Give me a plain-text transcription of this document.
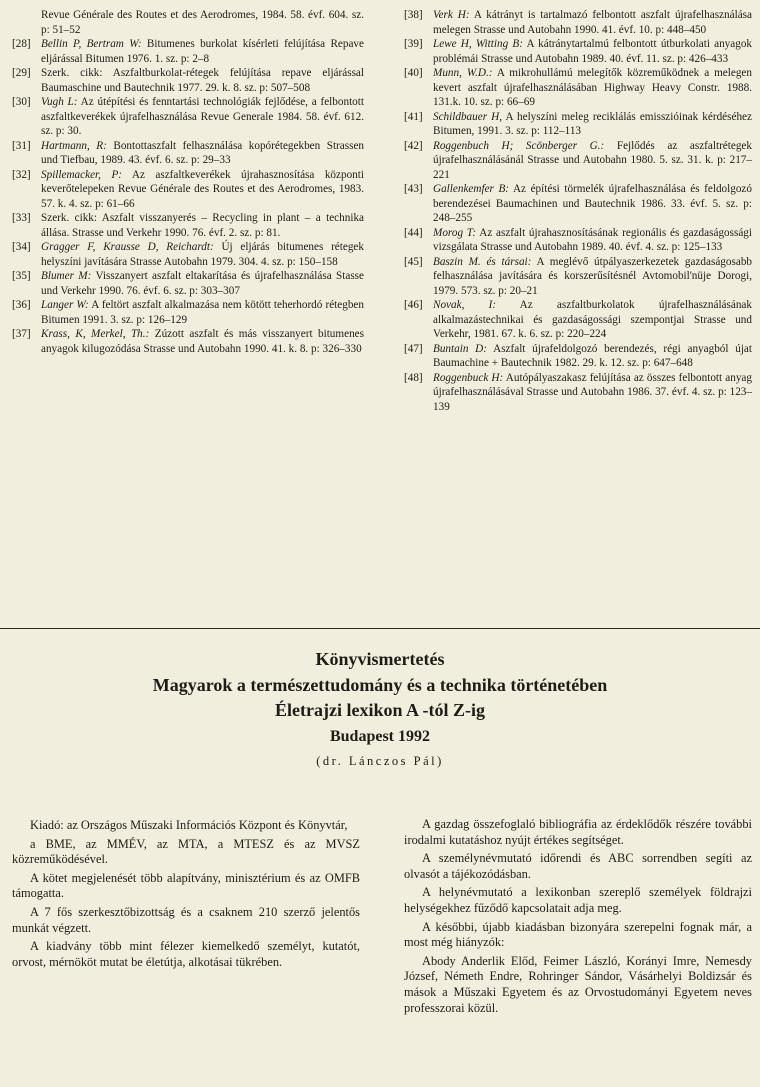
Revue Générale des Routes et des Aerodromes, 1984. 58. évf. 604. sz. p: 51–52
[28] Bellin P, Bertram W: Bitumenes burkolat kísérleti felújítása Repave eljárással Bitumen 1976. 1. sz. p: 2–8
[29] Szerk. cikk: Aszfaltburkolat-rétegek felújítása repave eljárással Baumaschine und Bautechnik 1977. 29. k. 8. sz. p: 507–508
[30] Vugh L: Az útépítési és fenntartási technológiák fejlődése, a felbontott aszfaltkeverékek újrafelhasználása Revue Generale 1984. 58. évf. 612. sz. p: 30.
[31] Hartmann, R: Bontottaszfalt felhasználása kopórétegekben Strassen und Tiefbau, 1989. 43. évf. 6. sz. p: 29–33
[32] Spillemacker, P: Az aszfaltkeverékek újrahasznosítása központi keverőtelepeken Revue Générale des Routes et des Aerodromes, 1983. 57. k. 4. sz. p: 61–66
[33] Szerk. cikk: Aszfalt visszanyerés – Recycling in plant – a technika állása. Strasse und Verkehr 1990. 76. évf. 2. sz. p: 81.
[34] Gragger F, Krausse D, Reichardt: Új eljárás bitumenes rétegek helyszíni javítására Strasse Autobahn 1979. 304. 4. sz. p: 150–158
[35] Blumer M: Visszanyert aszfalt eltakarítása és újrafelhasználása Stasse und Verkehr 1990. 76. évf. 6. sz. p: 303–307
[36] Langer W: A feltört aszfalt alkalmazása nem kötött teherhordó rétegben Bitumen 1991. 3. sz. p: 126–129
[37] Krass, K, Merkel, Th.: Zúzott aszfalt és más visszanyert bitumenes anyagok kilugozódása Strasse und Autobahn 1990. 41. k. 8. p: 326–330
[38] Verk H: A kátrányt is tartalmazó felbontott aszfalt újrafelhasználása melegen Strasse und Autobahn 1990. 41. évf. 10. p: 448–450
[39] Lewe H, Witting B: A kátránytartalmú felbontott útburkolati anyagok problémái Strasse und Autobahn 1989. 40. évf. 11. sz. p: 426–433
[40] Munn, W.D.: A mikrohullámú melegítők közreműködnek a melegen kevert aszfalt újrafelhasználásában Highway Heavy Constr. 1988. 131.k. 10. sz. p: 66–69
[41] Schildbauer H, A helyszíni meleg reciklálás emisszióinak kérdéséhez Bitumen, 1991. 3. sz. p: 112–113
[42] Roggenbuch H; Scönberger G.: Fejlődés az aszfaltrétegek újrafelhasználásánál Strasse und Autobahn 1980. 5. sz. 31. k. p: 217–221
[43] Gallenkemfer B: Az építési törmelék újrafelhasználása és feldolgozó berendezései Baumachinen und Bautechnik 1986. 33. évf. 5. sz. p: 248–255
[44] Morog T: Az aszfalt újrahasznosításának regionális és gazdaságossági vizsgálata Strasse und Autobahn 1989. 40. évf. 4. sz. p: 125–133
[45] Baszin M. és társai: A meglévő útpályaszerkezetek gazdaságosabb felhasználása javítására és korszerűsítésnél Avtomobil'nüje Dorogi, 1979. 573. sz. p: 20–21
[46] Novak, I: Az aszfaltburkolatok újrafelhasználásának alkalmazástechnikai és gazdaságossági szempontjai Strasse und Verkehr, 1981. 67. k. 6. sz. p: 220–224
[47] Buntain D: Aszfalt újrafeldolgozó berendezés, régi anyagból újat Baumachine + Bautechnik 1982. 29. k. 12. sz. p: 647–648
[48] Roggenbuck H: Autópályaszakasz felújítása az összes felbontott anyag újrafelhasználásával Strasse und Autobahn 1986. 37. évf. 4. sz. p: 123–139
Könyvismertetés
Magyarok a természettudomány és a technika történetében
Életrajzi lexikon A -tól Z-ig
Budapest 1992
(dr. Lánczos Pál)

Kiadó: az Országos Műszaki Információs Központ és Könyvtár,

a BME, az MMÉV, az MTA, a MTESZ és az MVSZ közreműködésével.

A kötet megjelenését több alapítvány, minisztérium és az OMFB támogatta.

A 7 fős szerkesztőbizottság és a csaknem 210 szerző jelentős munkát végzett.

A kiadvány több mint félezer kiemelkedő személyt, kutatót, orvost, mérnököt mutat be életútja, alkotásai tükrében.

A gazdag összefoglaló bibliográfia az érdeklődők részére további irodalmi kutatáshoz nyújt értékes segítséget.

A személynévmutató időrendi és ABC sorrendben segíti az olvasót a tájékozódásban.

A helynévmutató a lexikonban szereplő személyek földrajzi helységekhez fűződő kapcsolatait adja meg.

A későbbi, újabb kiadásban bizonyára szerepelni fognak már, a most még hiányzók:

Abody Anderlik Előd, Feimer László, Korányi Imre, Nemesdy József, Németh Endre, Rohringer Sándor, Vásárhelyi Boldizsár és mások a Műszaki Egyetem és az Orvostudományi Egyetem neves professzorai közül.
